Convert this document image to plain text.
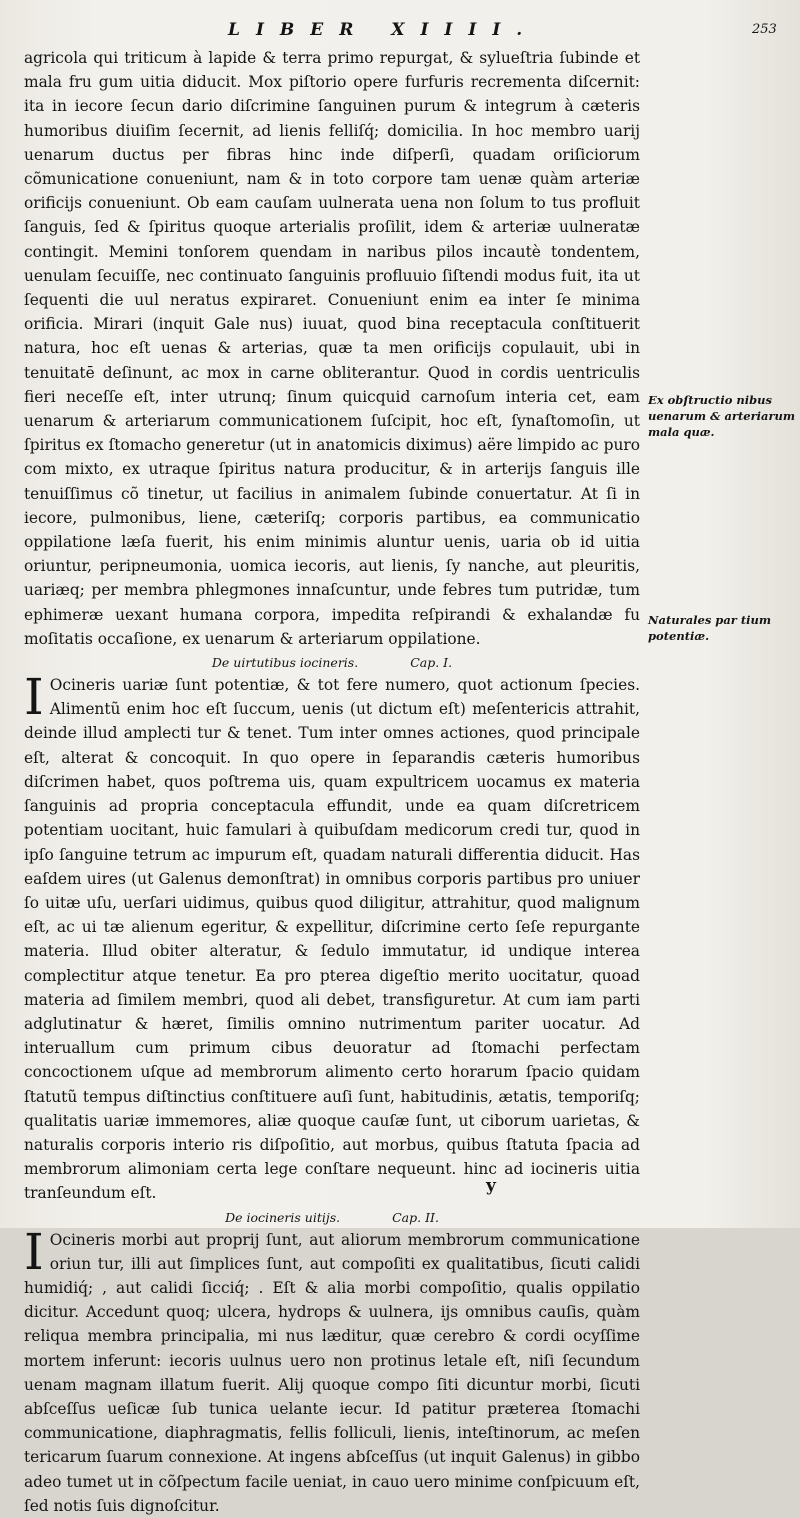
LIBER XIIII.	253

agricola qui triticum à lapide & terra primo repurgat, & sylueſtria ſubinde et mala fru gum uitia diducit. Mox piſtorio opere furfuris recrementa diſcernit: ita in iecore ſecun dario diſcrimine ſanguinen purum & integrum à cæteris humoribus diuiſim ſecernit, ad lienis felliſq́; domicilia. In hoc membro uarij uenarum ductus per fibras hinc inde diſperſi, quadam oriſiciorum cõmunicatione conueniunt, nam & in toto corpore tam uenæ quàm arteriæ orificijs conueniunt. Ob eam cauſam uulnerata uena non ſolum to tus profluit ſanguis, ſed & ſpiritus quoque arterialis proſilit, idem & arteriæ uulneratæ contingit. Memini tonſorem quendam in naribus pilos incautè tondentem, uenulam ſecuiſſe, nec continuato ſanguinis profluuio ſiſtendi modus fuit, ita ut ſequenti die uul neratus expiraret. Conueniunt enim ea inter ſe minima orificia. Mirari (inquit Gale nus) iuuat, quod bina receptacula conſtituerit natura, hoc eſt uenas & arterias, quæ ta men orificijs copulauit, ubi in tenuitatē deſinunt, ac mox in carne obliterantur. Quod in cordis uentriculis fieri neceſſe eſt, inter utrunq; ſinum quicquid carnoſum interia cet, eam uenarum & arteriarum communicationem ſuſcipit, hoc eſt, ſynaſtomoſin, ut ſpiritus ex ſtomacho generetur (ut in anatomicis diximus) aëre limpido ac puro com mixto, ex utraque ſpiritus natura producitur, & in arterijs ſanguis ille tenuiſſimus cõ tinetur, ut facilius in animalem ſubinde conuertatur. At ſi in iecore, pulmonibus, liene, cæteriſq; corporis partibus, ea communicatio oppilatione læſa fuerit, his enim minimis aluntur uenis, uaria ob id uitia oriuntur, peripneumonia, uomica iecoris, aut lienis, ſy nanche, aut pleuritis, uariæq; per membra phlegmones innaſcuntur, unde febres tum putridæ, tum ephimeræ uexant humana corpora, impedita reſpirandi & exhalandæ fu moſitatis occaſione, ex uenarum & arteriarum oppilatione.

De uirtutibus iocineris.	Cap. I.

I Ocineris uariæ ſunt potentiæ, & tot fere numero, quot actionum ſpecies. Alimentũ enim hoc eſt ſuccum, uenis (ut dictum eſt) meſentericis attrahit, deinde illud amplecti tur & tenet. Tum inter omnes actiones, quod principale eſt, alterat & concoquit. In quo opere in ſeparandis cæteris humoribus diſcrimen habet, quos poſtrema uis, quam expultricem uocamus ex materia ſanguinis ad propria conceptacula effundit, unde ea quam diſcretricem potentiam uocitant, huic famulari à quibuſdam medicorum credi tur, quod in ipſo ſanguine tetrum ac impurum eſt, quadam naturali differentia diducit. Has eaſdem uires (ut Galenus demonſtrat) in omnibus corporis partibus pro uniuer ſo uitæ uſu, uerſari uidimus, quibus quod diligitur, attrahitur, quod malignum eſt, ac ui tæ alienum egeritur, & expellitur, diſcrimine certo ſeſe repurgante materia. Illud obiter alteratur, & ſedulo immutatur, id undique interea complectitur atque tenetur. Ea pro pterea digeſtio merito uocitatur, quoad materia ad ſimilem membri, quod ali debet, transfiguretur. At cum iam parti adglutinatur & hæret, ſimilis omnino nutrimentum pariter uocatur. Ad interuallum cum primum cibus deuoratur ad ſtomachi perfectam concoctionem uſque ad membrorum alimento certo horarum ſpacio quidam ſtatutũ tempus diſtinctius conſtituere auſi ſunt, habitudinis, ætatis, temporiſq; qualitatis uariæ immemores, aliæ quoque cauſæ ſunt, ut ciborum uarietas, & naturalis corporis interio ris diſpoſitio, aut morbus, quibus ſtatuta ſpacia ad membrorum alimoniam certa lege conſtare nequeunt. hinc ad iocineris uitia tranſeundum eſt.

De iocineris uitijs.	Cap. II.

I Ocineris morbi aut proprij ſunt, aut aliorum membrorum communicatione oriun tur, illi aut ſimplices ſunt, aut compoſiti ex qualitatibus, ſicuti calidi humidiq́; , aut calidi ſicciq́; . Eſt & alia morbi compoſitio, qualis oppilatio dicitur. Accedunt quoq; ulcera, hydrops & uulnera, ijs omnibus cauſis, quàm reliqua membra principalia, mi nus læditur, quæ cerebro & cordi ocyſſime mortem inferunt: iecoris uulnus uero non protinus letale eſt, niſi ſecundum uenam magnam illatum fuerit. Alij quoque compo ſiti dicuntur morbi, ſicuti abſceſſus ueſicæ ſub tunica uelante iecur. Id patitur præterea ſtomachi communicatione, diaphragmatis, fellis folliculi, lienis, inteſtinorum, ac meſen tericarum ſuarum connexione. At ingens abſceſſus (ut inquit Galenus) in gibbo adeo tumet ut in cõſpectum facile ueniat, in cauo uero minime conſpicuum eſt, ſed notis ſuis dignoſcitur.

Ex obſtructio nibus uenarum & arteriarum mala quæ.
Naturales par tium potentiæ.
y
